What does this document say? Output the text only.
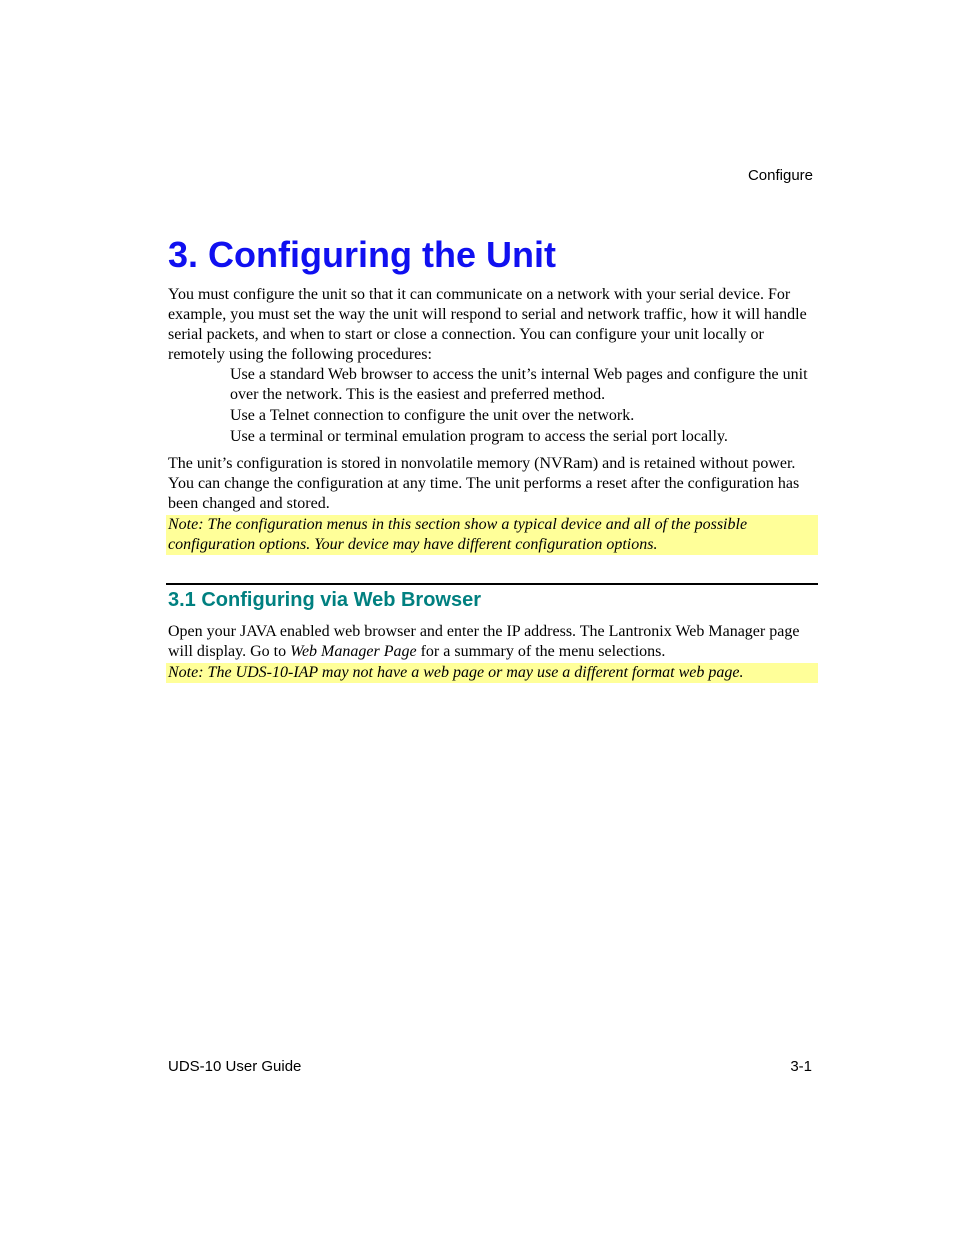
Configure
3. Configuring the Unit

You must configure the unit so that it can communicate on a network with your serial device. For example, you must set the way the unit will respond to serial and network traffic, how it will handle serial packets, and when to start or close a connection. You can configure your unit locally or remotely using the following procedures:

Use a standard Web browser to access the unit’s internal Web pages and configure the unit over the network. This is the easiest and preferred method.
Use a Telnet connection to configure the unit over the network.
Use a terminal or terminal emulation program to access the serial port locally.

The unit’s configuration is stored in nonvolatile memory (NVRam) and is retained without power. You can change the configuration at any time. The unit performs a reset after the configuration has been changed and stored.

Note: The configuration menus in this section show a typical device and all of the possible configuration options. Your device may have different configuration options.
3.1 Configuring via Web Browser

Open your JAVA enabled web browser and enter the IP address. The Lantronix Web Manager page will display. Go to Web Manager Page for a summary of the menu selections.

Note: The UDS-10-IAP may not have a web page or may use a different format web page.
UDS-10 User Guide	3-1
